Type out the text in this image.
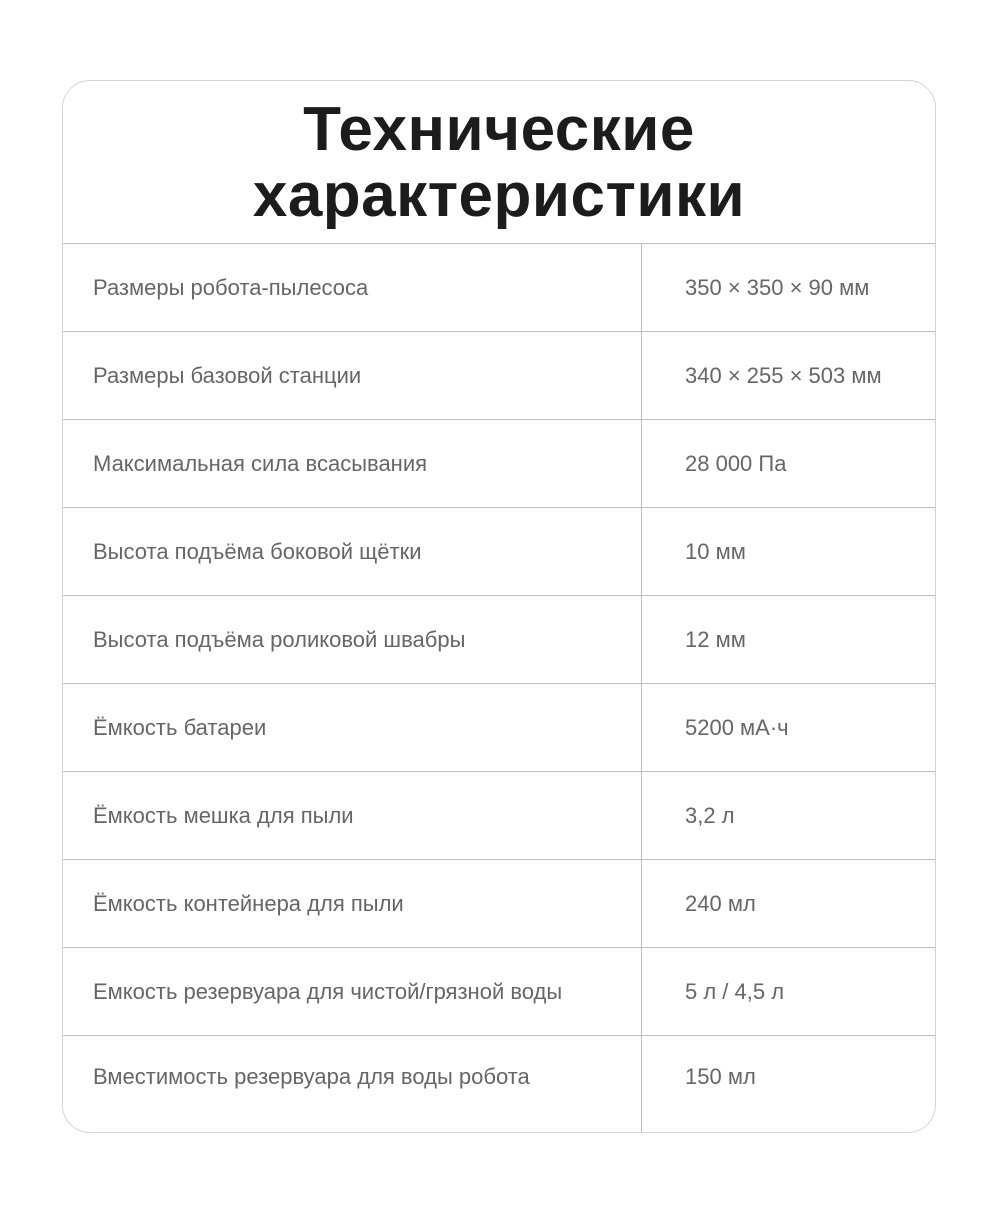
Технические
характеристики
Размеры робота-пылесоса	350 × 350 × 90 мм
Размеры базовой станции	340 × 255 × 503 мм
Максимальная сила всасывания	28 000 Па
Высота подъёма боковой щётки	10 мм
Высота подъёма роликовой швабры	12 мм
Ёмкость батареи	5200 мА·ч
Ёмкость мешка для пыли	3,2 л
Ёмкость контейнера для пыли	240 мл
Емкость резервуара для чистой/грязной воды	5 л / 4,5 л
Вместимость резервуара для воды робота	150 мл
